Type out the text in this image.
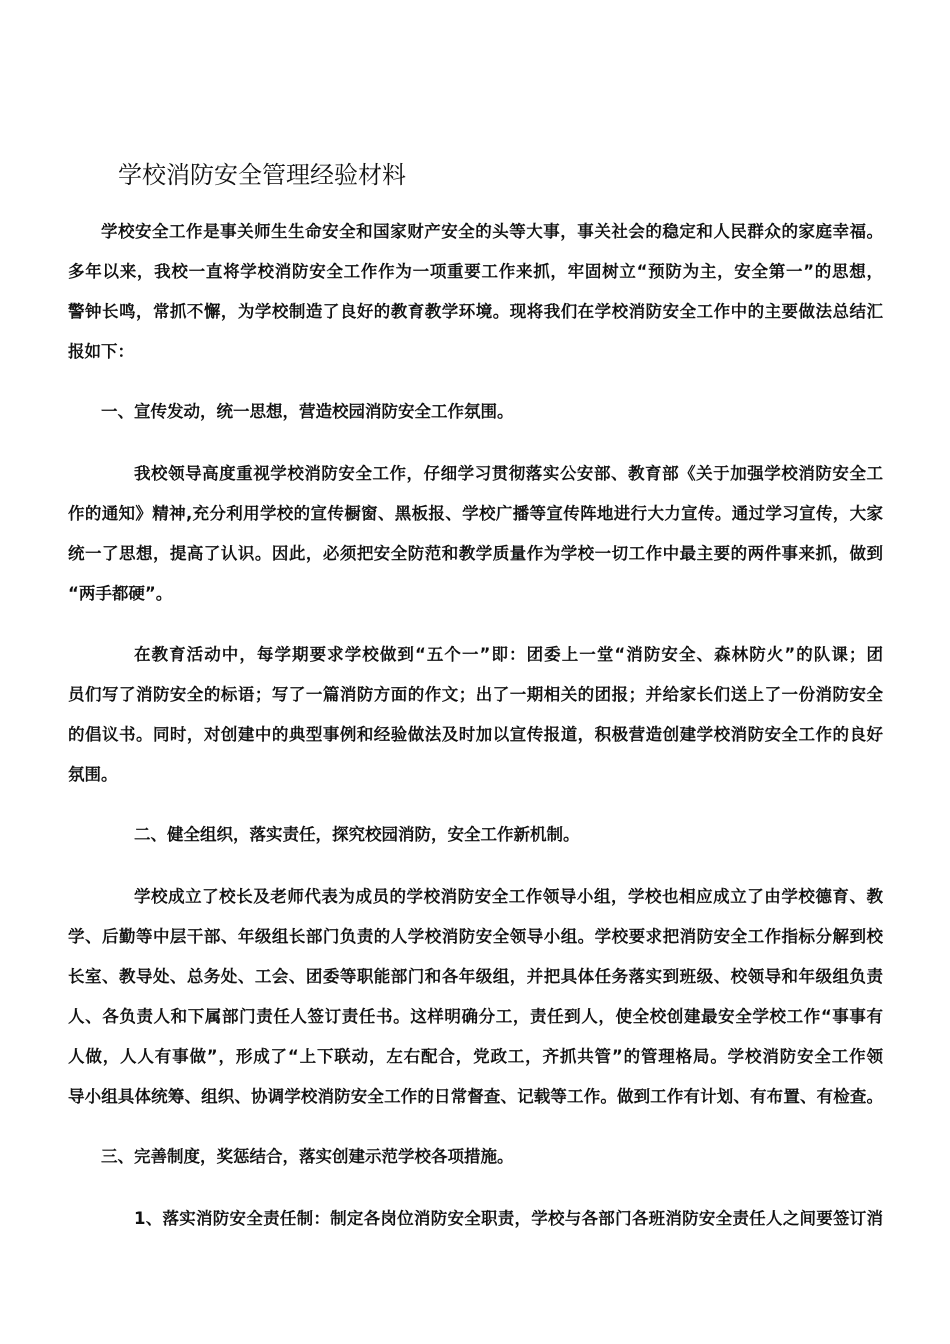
学校消防安全管理经验材料
学校安全工作是事关师生生命安全和国家财产安全的头等大事，事关社会的稳定和人民群众的家庭幸福。
多年以来，我校一直将学校消防安全工作作为一项重要工作来抓，牢固树立“预防为主，安全第一”的思想，
警钟长鸣，常抓不懈，为学校制造了良好的教育教学环境。现将我们在学校消防安全工作中的主要做法总结汇
报如下：
一、宣传发动，统一思想，营造校园消防安全工作氛围。
我校领导高度重视学校消防安全工作，仔细学习贯彻落实公安部、教育部《关于加强学校消防安全工
作的通知》精神,充分利用学校的宣传橱窗、黑板报、学校广播等宣传阵地进行大力宣传。通过学习宣传，大家
统一了思想，提高了认识。因此，必须把安全防范和教学质量作为学校一切工作中最主要的两件事来抓，做到
“两手都硬”。
在教育活动中，每学期要求学校做到“五个一”即：团委上一堂“消防安全、森林防火”的队课；团
员们写了消防安全的标语；写了一篇消防方面的作文；出了一期相关的团报；并给家长们送上了一份消防安全
的倡议书。同时，对创建中的典型事例和经验做法及时加以宣传报道，积极营造创建学校消防安全工作的良好
氛围。
二、健全组织，落实责任，探究校园消防，安全工作新机制。
学校成立了校长及老师代表为成员的学校消防安全工作领导小组，学校也相应成立了由学校德育、教
学、后勤等中层干部、年级组长部门负责的人学校消防安全领导小组。学校要求把消防安全工作指标分解到校
长室、教导处、总务处、工会、团委等职能部门和各年级组，并把具体任务落实到班级、校领导和年级组负责
人、各负责人和下属部门责任人签订责任书。这样明确分工，责任到人，使全校创建最安全学校工作“事事有
人做，人人有事做”，形成了“上下联动，左右配合，党政工，齐抓共管”的管理格局。学校消防安全工作领
导小组具体统筹、组织、协调学校消防安全工作的日常督查、记载等工作。做到工作有计划、有布置、有检查。
三、完善制度，奖惩结合，落实创建示范学校各项措施。
1、落实消防安全责任制：制定各岗位消防安全职责，学校与各部门各班消防安全责任人之间要签订消
